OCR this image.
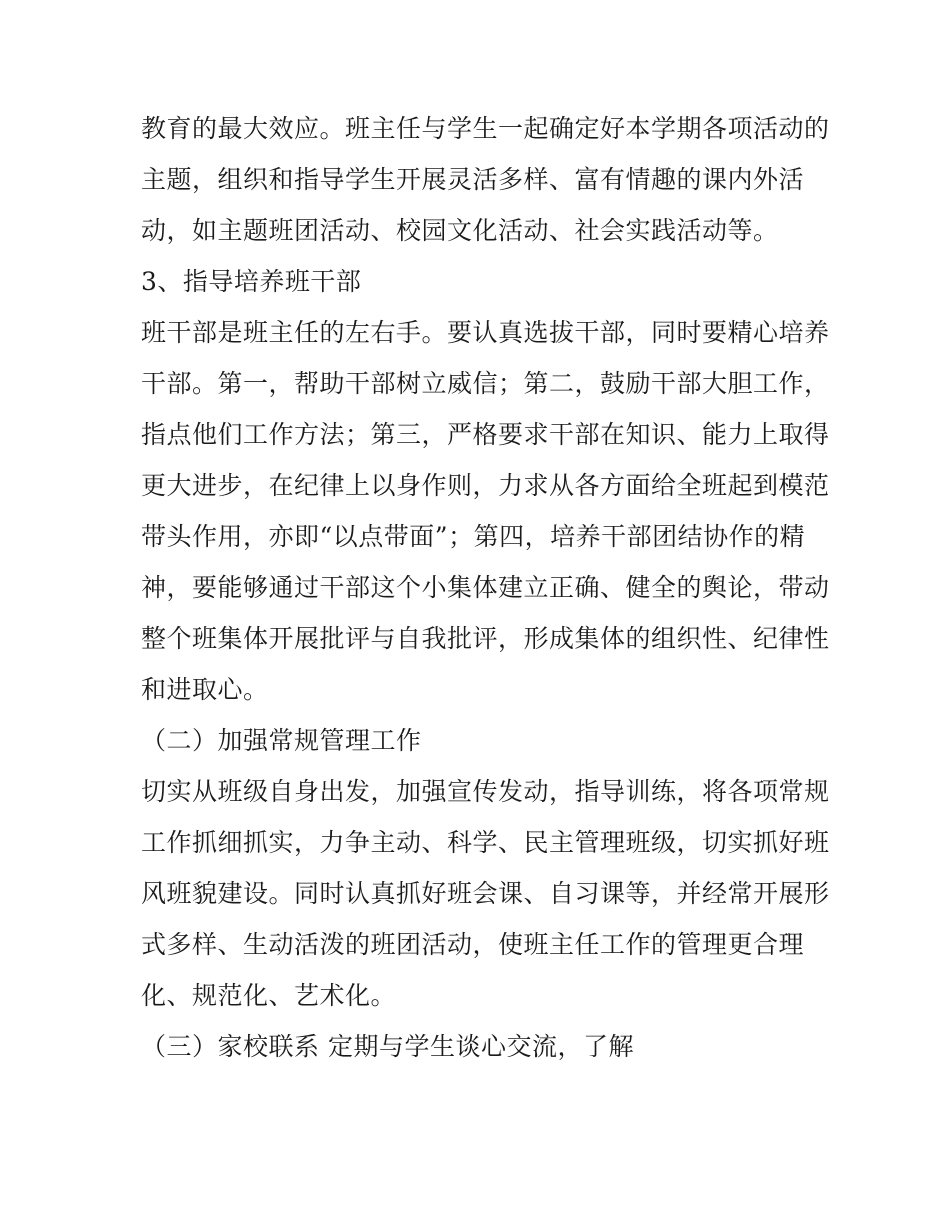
教育的最大效应。班主任与学生一起确定好本学期各项活动的
主题，组织和指导学生开展灵活多样、富有情趣的课内外活
动，如主题班团活动、校园文化活动、社会实践活动等。
3、指导培养班干部
班干部是班主任的左右手。要认真选拔干部，同时要精心培养
干部。第一，帮助干部树立威信；第二，鼓励干部大胆工作，
指点他们工作方法；第三，严格要求干部在知识、能力上取得
更大进步，在纪律上以身作则，力求从各方面给全班起到模范
带头作用，亦即“以点带面”；第四，培养干部团结协作的精
神，要能够通过干部这个小集体建立正确、健全的舆论，带动
整个班集体开展批评与自我批评，形成集体的组织性、纪律性
和进取心。
（二）加强常规管理工作
切实从班级自身出发，加强宣传发动，指导训练，将各项常规
工作抓细抓实，力争主动、科学、民主管理班级，切实抓好班
风班貌建设。同时认真抓好班会课、自习课等，并经常开展形
式多样、生动活泼的班团活动，使班主任工作的管理更合理
化、规范化、艺术化。
（三）家校联系 定期与学生谈心交流，了解
